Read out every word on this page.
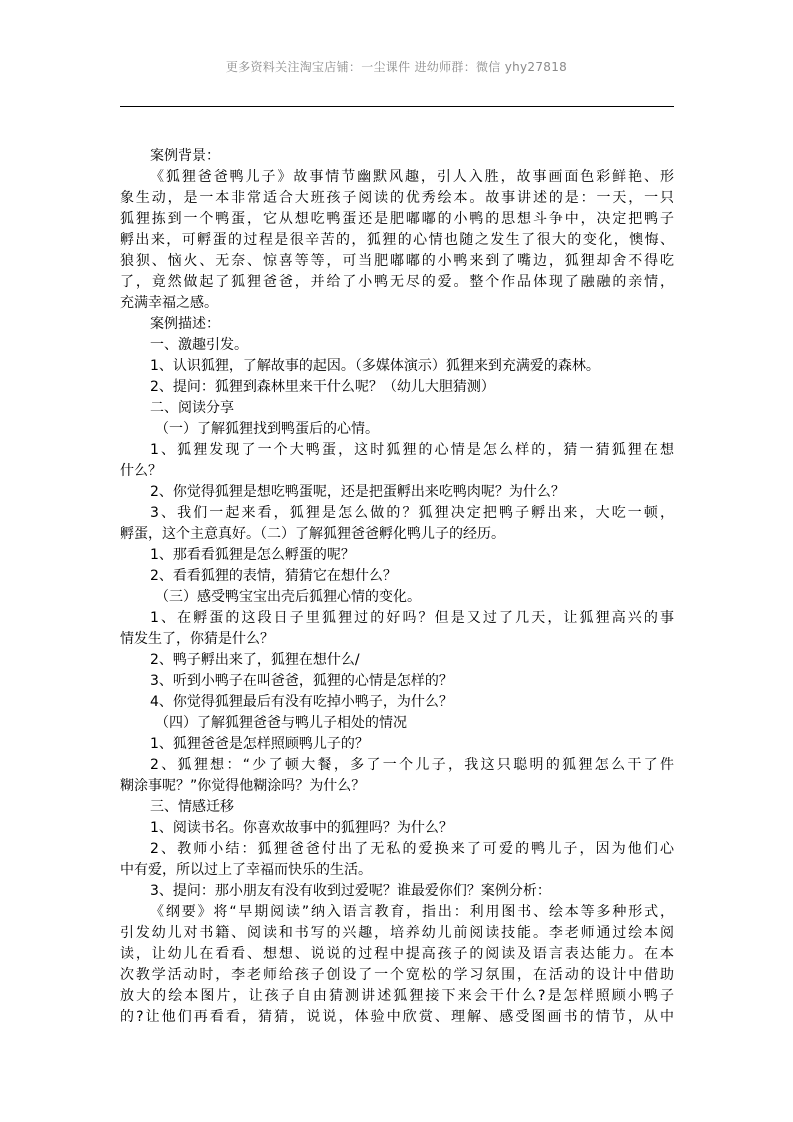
更多资料关注淘宝店铺：一尘课件 进幼师群：微信 yhy27818
案例背景：
《狐狸爸爸鸭儿子》故事情节幽默风趣，引人入胜，故事画面色彩鲜艳、形
象生动，是一本非常适合大班孩子阅读的优秀绘本。故事讲述的是：一天，一只
狐狸拣到一个鸭蛋，它从想吃鸭蛋还是肥嘟嘟的小鸭的思想斗争中，决定把鸭子
孵出来，可孵蛋的过程是很辛苦的，狐狸的心情也随之发生了很大的变化，懊悔、
狼狈、恼火、无奈、惊喜等等，可当肥嘟嘟的小鸭来到了嘴边，狐狸却舍不得吃
了，竟然做起了狐狸爸爸，并给了小鸭无尽的爱。整个作品体现了融融的亲情，
充满幸福之感。
案例描述：
一、激趣引发。
1、认识狐狸，了解故事的起因。（多媒体演示）狐狸来到充满爱的森林。
2、提问：狐狸到森林里来干什么呢？（幼儿大胆猜测）
二、阅读分享
（一）了解狐狸找到鸭蛋后的心情。
1、狐狸发现了一个大鸭蛋，这时狐狸的心情是怎么样的，猜一猜狐狸在想
什么？
2、你觉得狐狸是想吃鸭蛋呢，还是把蛋孵出来吃鸭肉呢？为什么？
3、我们一起来看，狐狸是怎么做的？狐狸决定把鸭子孵出来，大吃一顿，
孵蛋，这个主意真好。（二）了解狐狸爸爸孵化鸭儿子的经历。
1、那看看狐狸是怎么孵蛋的呢？
2、看看狐狸的表情，猜猜它在想什么？
（三）感受鸭宝宝出壳后狐狸心情的变化。
1、在孵蛋的这段日子里狐狸过的好吗？但是又过了几天，让狐狸高兴的事
情发生了，你猜是什么？
2、鸭子孵出来了，狐狸在想什么/
3、听到小鸭子在叫爸爸，狐狸的心情是怎样的？
4、你觉得狐狸最后有没有吃掉小鸭子，为什么？
（四）了解狐狸爸爸与鸭儿子相处的情况
1、狐狸爸爸是怎样照顾鸭儿子的？
2、狐狸想：“少了顿大餐，多了一个儿子，我这只聪明的狐狸怎么干了件
糊涂事呢？”你觉得他糊涂吗？为什么？
三、情感迁移
1、阅读书名。你喜欢故事中的狐狸吗？为什么？
2、教师小结：狐狸爸爸付出了无私的爱换来了可爱的鸭儿子，因为他们心
中有爱，所以过上了幸福而快乐的生活。
3、提问：那小朋友有没有收到过爱呢？谁最爱你们？案例分析：
《纲要》将“早期阅读”纳入语言教育，指出：利用图书、绘本等多种形式，
引发幼儿对书籍、阅读和书写的兴趣，培养幼儿前阅读技能。李老师通过绘本阅
读，让幼儿在看看、想想、说说的过程中提高孩子的阅读及语言表达能力。在本
次教学活动时，李老师给孩子创设了一个宽松的学习氛围，在活动的设计中借助
放大的绘本图片，让孩子自由猜测讲述狐狸接下来会干什么?是怎样照顾小鸭子
的?让他们再看看，猜猜，说说，体验中欣赏、理解、感受图画书的情节，从中
